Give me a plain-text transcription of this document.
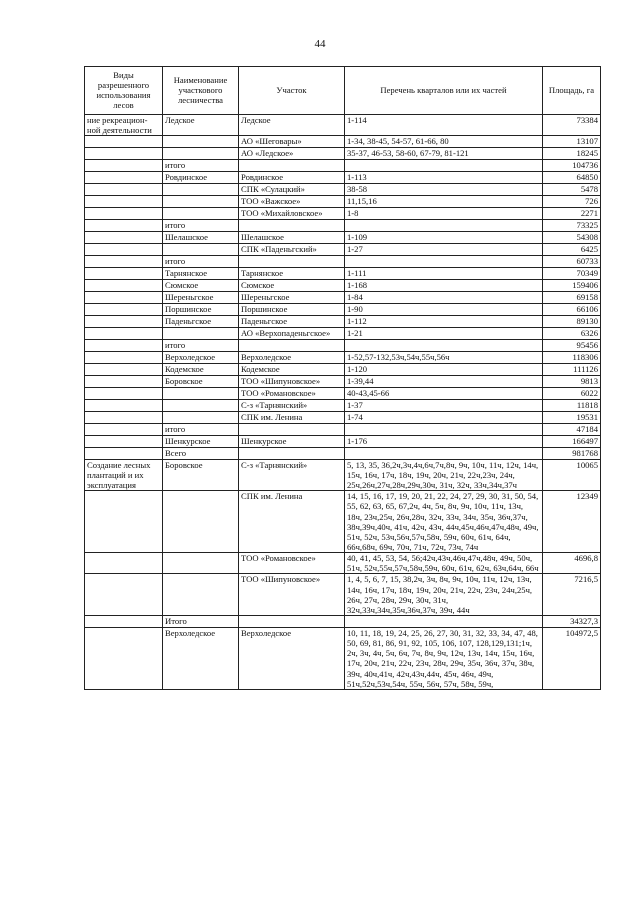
44
Виды разрешенного использования лесов	Наименование участкового лесничества	Участок	Перечень кварталов или их частей	Площадь, га
ние рекреацион-ной деятельности	Ледское	Ледское	1-114	73384
		АО «Шеговары»	1-34, 38-45, 54-57, 61-66, 80	13107
		АО «Ледское»	35-37, 46-53, 58-60, 67-79, 81-121	18245
	итого			104736
	Ровдинское	Ровдинское	1-113	64850
		СПК «Сулацкий»	38-58	5478
		ТОО «Важское»	11,15,16	726
		ТОО «Михайловское»	1-8	2271
	итого			73325
	Шелашское	Шелашское	1-109	54308
		СПК «Паденьгский»	1-27	6425
	итого			60733
	Тарнянское	Тарнянское	1-111	70349
	Сюмское	Сюмское	1-168	159406
	Шереньгское	Шереньгское	1-84	69158
	Поршинское	Поршинское	1-90	66106
	Паденьгское	Паденьгское	1-112	89130
		АО «Верхопаденьгское»	1-21	6326
	итого			95456
	Верхоледское	Верхоледское	1-52,57-132,53ч,54ч,55ч,56ч	118306
	Кодемское	Кодемское	1-120	111126
	Боровское	ТОО «Шипуновское»	1-39,44	9813
		ТОО «Романовское»	40-43,45-66	6022
		С-з «Тарнянский»	1-37	11818
		СПК им. Ленина	1-74	19531
	итого			47184
	Шенкурское	Шенкурское	1-176	166497
	Всего			981768
Создание лесных плантаций и их эксплуатация	Боровское	С-з «Тарнянский»	5, 13, 35, 36,2ч,3ч,4ч,6ч,7ч,8ч, 9ч, 10ч, 11ч, 12ч, 14ч, 15ч, 16ч, 17ч, 18ч, 19ч, 20ч, 21ч, 22ч,23ч, 24ч, 25ч,26ч,27ч,28ч,29ч,30ч, 31ч, 32ч, 33ч,34ч,37ч	10065
		СПК им. Ленина	14, 15, 16, 17, 19, 20, 21, 22, 24, 27, 29, 30, 31, 50, 54, 55, 62, 63, 65, 67,2ч, 4ч, 5ч, 8ч, 9ч, 10ч, 11ч, 13ч, 18ч, 23ч,25ч, 26ч,28ч, 32ч, 33ч, 34ч, 35ч, 36ч,37ч, 38ч,39ч,40ч, 41ч, 42ч, 43ч, 44ч,45ч,46ч,47ч,48ч, 49ч, 51ч, 52ч, 53ч,56ч,57ч,58ч, 59ч, 60ч, 61ч, 64ч, 66ч,68ч, 69ч, 70ч, 71ч, 72ч, 73ч, 74ч	12349
		ТОО «Романовское»	40, 41, 45, 53, 54, 56;42ч,43ч,46ч,47ч,48ч, 49ч, 50ч, 51ч, 52ч,55ч,57ч,58ч,59ч, 60ч, 61ч, 62ч, 63ч,64ч, 66ч	4696,8
		ТОО «Шипуновское»	1, 4, 5, 6, 7, 15, 38,2ч, 3ч, 8ч, 9ч, 10ч, 11ч, 12ч, 13ч, 14ч, 16ч, 17ч, 18ч, 19ч, 20ч, 21ч, 22ч, 23ч, 24ч,25ч, 26ч, 27ч, 28ч, 29ч, 30ч, 31ч, 32ч,33ч,34ч,35ч,36ч,37ч, 39ч, 44ч	7216,5
	Итого			34327,3
	Верхоледское	Верхоледское	10, 11, 18, 19, 24, 25, 26, 27, 30, 31, 32, 33, 34, 47, 48, 50, 69, 81, 86, 91, 92, 105, 106, 107, 128,129,131;1ч, 2ч, 3ч, 4ч, 5ч, 6ч, 7ч, 8ч, 9ч, 12ч, 13ч, 14ч, 15ч, 16ч, 17ч, 20ч, 21ч, 22ч, 23ч, 28ч, 29ч, 35ч, 36ч, 37ч, 38ч, 39ч, 40ч,41ч, 42ч,43ч,44ч, 45ч, 46ч, 49ч, 51ч,52ч,53ч,54ч, 55ч, 56ч, 57ч, 58ч, 59ч,	104972,5
